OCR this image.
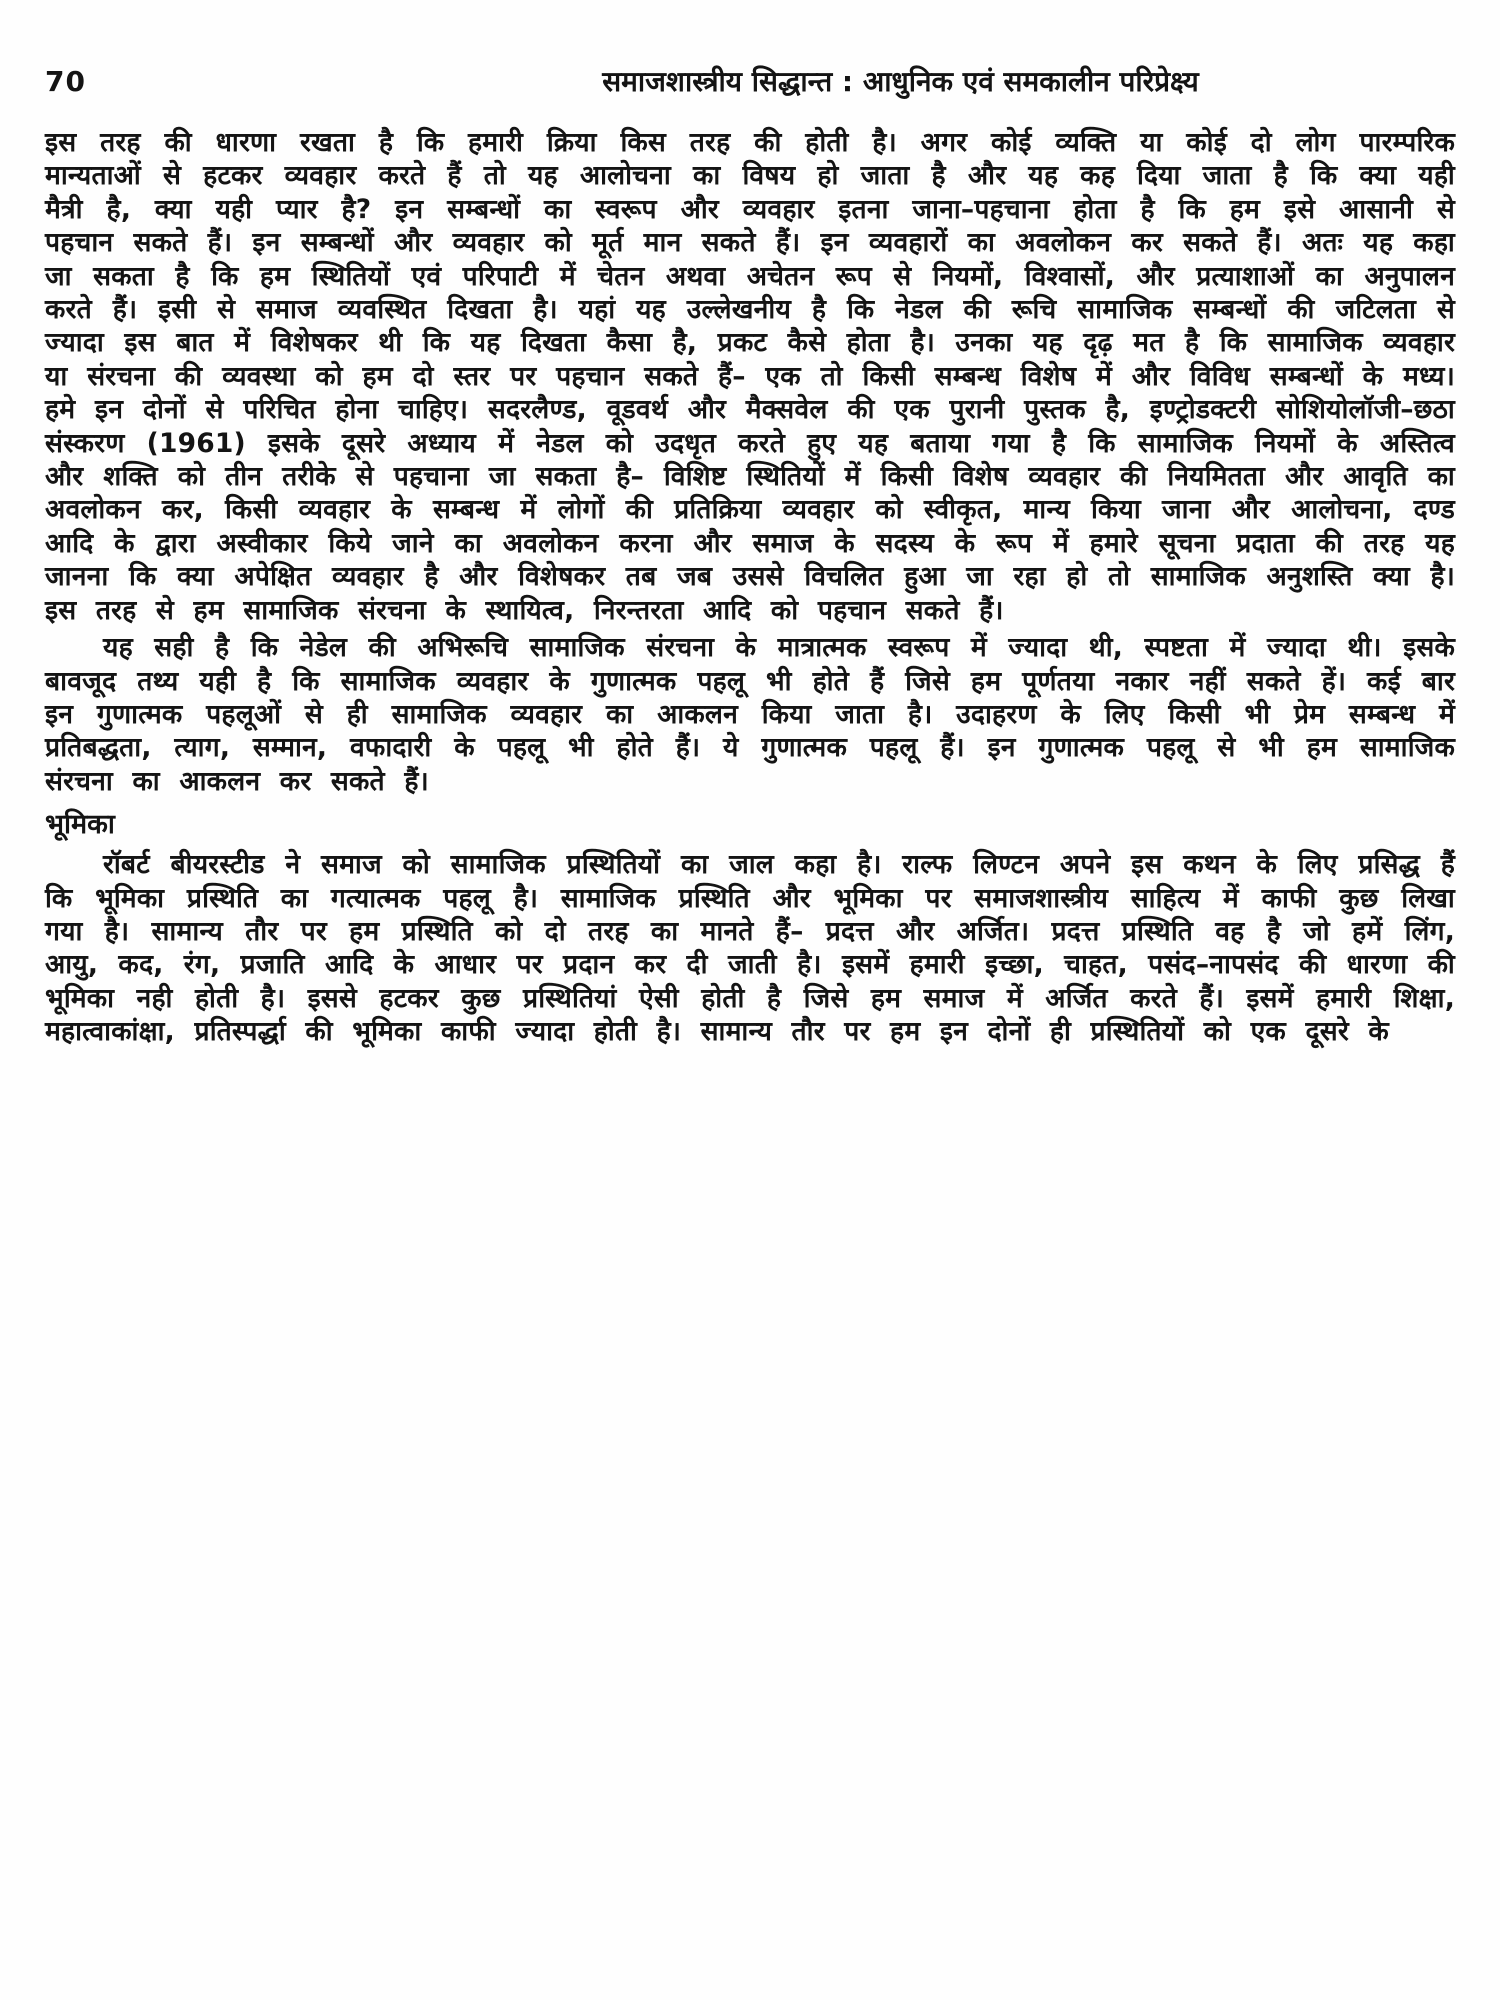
70	समाजशास्त्रीय सिद्धान्त : आधुनिक एवं समकालीन परिप्रेक्ष्य

इस तरह की धारणा रखता है कि हमारी क्रिया किस तरह की होती है। अगर कोई व्यक्ति या कोई दो लोग पारम्परिक मान्यताओं से हटकर व्यवहार करते हैं तो यह आलोचना का विषय हो जाता है और यह कह दिया जाता है कि क्या यही मैत्री है, क्या यही प्यार है? इन सम्बन्धों का स्वरूप और व्यवहार इतना जाना–पहचाना होता है कि हम इसे आसानी से पहचान सकते हैं। इन सम्बन्धों और व्यवहार को मूर्त मान सकते हैं। इन व्यवहारों का अवलोकन कर सकते हैं। अतः यह कहा जा सकता है कि हम स्थितियों एवं परिपाटी में चेतन अथवा अचेतन रूप से नियमों, विश्वासों, और प्रत्याशाओं का अनुपालन करते हैं। इसी से समाज व्यवस्थित दिखता है। यहां यह उल्लेखनीय है कि नेडल की रूचि सामाजिक सम्बन्धों की जटिलता से ज्यादा इस बात में विशेषकर थी कि यह दिखता कैसा है, प्रकट कैसे होता है। उनका यह दृढ़ मत है कि सामाजिक व्यवहार या संरचना की व्यवस्था को हम दो स्तर पर पहचान सकते हैं– एक तो किसी सम्बन्ध विशेष में और विविध सम्बन्धों के मध्य। हमे इन दोनों से परिचित होना चाहिए। सदरलैण्ड, वूडवर्थ और मैक्सवेल की एक पुरानी पुस्तक है, इण्ट्रोडक्टरी सोशियोलॉजी–छठा संस्करण (1961) इसके दूसरे अध्याय में नेडल को उदधृत करते हुए यह बताया गया है कि सामाजिक नियमों के अस्तित्व और शक्ति को तीन तरीके से पहचाना जा सकता है– विशिष्ट स्थितियों में किसी विशेष व्यवहार की नियमितता और आवृति का अवलोकन कर, किसी व्यवहार के सम्बन्ध में लोगों की प्रतिक्रिया व्यवहार को स्वीकृत, मान्य किया जाना और आलोचना, दण्ड आदि के द्वारा अस्वीकार किये जाने का अवलोकन करना और समाज के सदस्य के रूप में हमारे सूचना प्रदाता की तरह यह जानना कि क्या अपेक्षित व्यवहार है और विशेषकर तब जब उससे विचलित हुआ जा रहा हो तो सामाजिक अनुशस्ति क्या है। इस तरह से हम सामाजिक संरचना के स्थायित्व, निरन्तरता आदि को पहचान सकते हैं।

यह सही है कि नेडेल की अभिरूचि सामाजिक संरचना के मात्रात्मक स्वरूप में ज्यादा थी, स्पष्टता में ज्यादा थी। इसके बावजूद तथ्य यही है कि सामाजिक व्यवहार के गुणात्मक पहलू भी होते हैं जिसे हम पूर्णतया नकार नहीं सकते हें। कई बार इन गुणात्मक पहलूओं से ही सामाजिक व्यवहार का आकलन किया जाता है। उदाहरण के लिए किसी भी प्रेम सम्बन्ध में प्रतिबद्धता, त्याग, सम्मान, वफादारी के पहलू भी होते हैं। ये गुणात्मक पहलू हैं। इन गुणात्मक पहलू से भी हम सामाजिक संरचना का आकलन कर सकते हैं।

भूमिका

रॉबर्ट बीयरस्टीड ने समाज को सामाजिक प्रस्थितियों का जाल कहा है। राल्फ लिण्टन अपने इस कथन के लिए प्रसिद्ध हैं कि भूमिका प्रस्थिति का गत्यात्मक पहलू है। सामाजिक प्रस्थिति और भूमिका पर समाजशास्त्रीय साहित्य में काफी कुछ लिखा गया है। सामान्य तौर पर हम प्रस्थिति को दो तरह का मानते हैं– प्रदत्त और अर्जित। प्रदत्त प्रस्थिति वह है जो हमें लिंग, आयु, कद, रंग, प्रजाति आदि के आधार पर प्रदान कर दी जाती है। इसमें हमारी इच्छा, चाहत, पसंद–नापसंद की धारणा की भूमिका नही होती है। इससे हटकर कुछ प्रस्थितियां ऐसी होती है जिसे हम समाज में अर्जित करते हैं। इसमें हमारी शिक्षा, महात्वाकांक्षा, प्रतिस्पर्द्धा की भूमिका काफी ज्यादा होती है। सामान्य तौर पर हम इन दोनों ही प्रस्थितियों को एक दूसरे के
